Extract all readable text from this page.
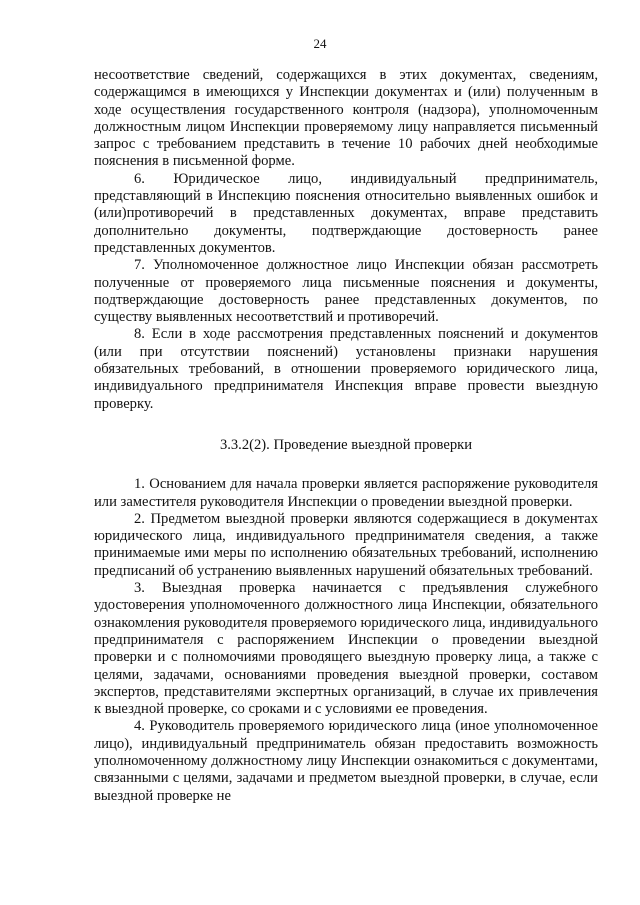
24

несоответствие сведений, содержащихся в этих документах, сведениям, содержащимся в имеющихся у Инспекции документах и (или) полученным в ходе осуществления государственного контроля (надзора), уполномоченным должностным лицом Инспекции проверяемому лицу направляется письменный запрос с требованием представить в течение 10 рабочих дней необходимые пояснения в письменной форме.

6. Юридическое лицо, индивидуальный предприниматель, представляющий в Инспекцию пояснения относительно выявленных ошибок и (или)противоречий в представленных документах, вправе представить дополнительно документы, подтверждающие достоверность ранее представленных документов.

7. Уполномоченное должностное лицо Инспекции обязан рассмотреть полученные от проверяемого лица письменные пояснения и документы, подтверждающие достоверность ранее представленных документов, по существу выявленных несоответствий и противоречий.

8. Если в ходе рассмотрения представленных пояснений и документов (или при отсутствии пояснений) установлены признаки нарушения обязательных требований, в отношении проверяемого юридического лица, индивидуального предпринимателя Инспекция вправе провести выездную проверку.

3.3.2(2). Проведение выездной проверки

1. Основанием для начала проверки является распоряжение руководителя или заместителя руководителя Инспекции о проведении выездной проверки.

2. Предметом выездной проверки являются содержащиеся в документах юридического лица, индивидуального предпринимателя сведения, а также принимаемые ими меры по исполнению обязательных требований, исполнению предписаний об устранению выявленных нарушений обязательных требований.

3. Выездная проверка начинается с предъявления служебного удостоверения уполномоченного должностного лица Инспекции, обязательного ознакомления руководителя проверяемого юридического лица, индивидуального предпринимателя с распоряжением Инспекции о проведении выездной проверки и с полномочиями проводящего выездную проверку лица, а также с целями, задачами, основаниями проведения выездной проверки, составом экспертов, представителями экспертных организаций, в случае их привлечения к выездной проверке, со сроками и с условиями ее проведения.

4. Руководитель проверяемого юридического лица (иное уполномоченное лицо), индивидуальный предприниматель обязан предоставить возможность уполномоченному должностному лицу Инспекции ознакомиться с документами, связанными с целями, задачами и предметом выездной проверки, в случае, если выездной проверке не
